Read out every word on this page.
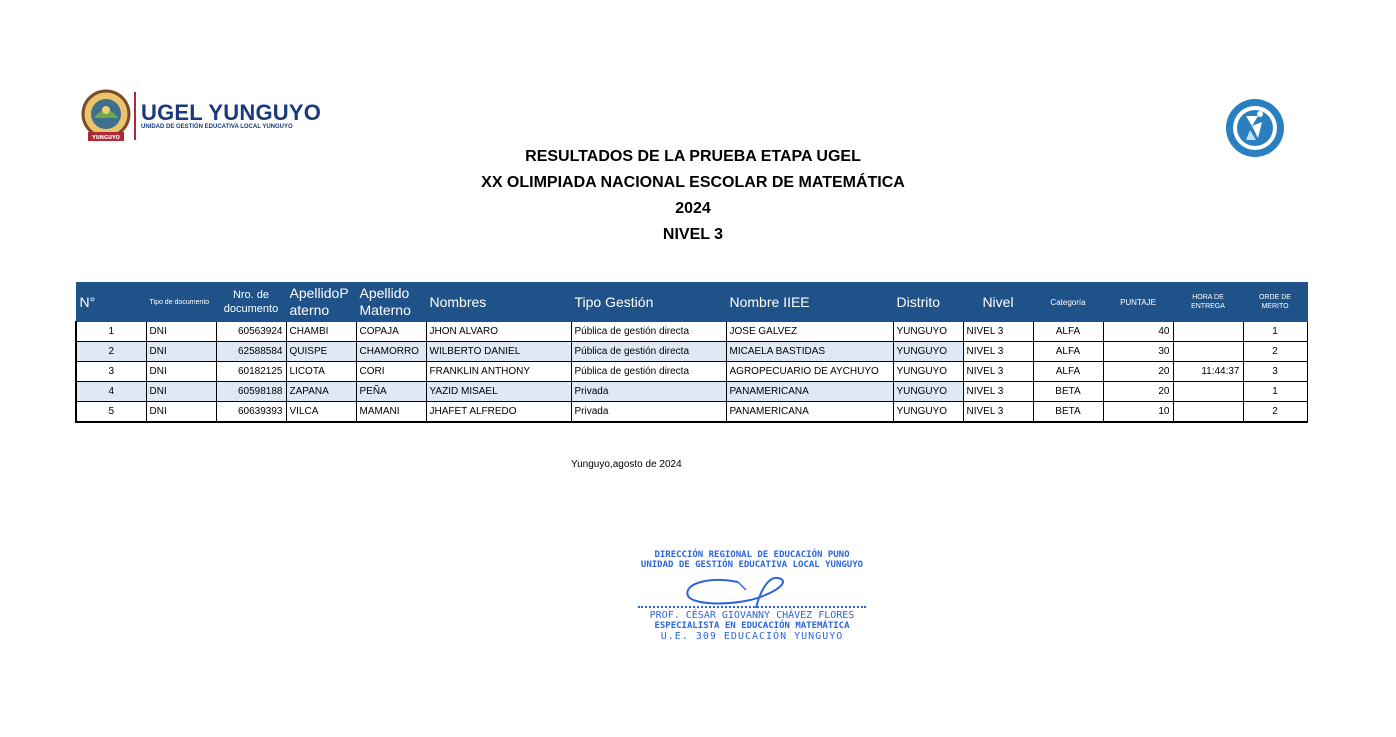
YUNGUYO
UGEL YUNGUYO
UNIDAD DE GESTIÓN EDUCATIVA LOCAL YUNGUYO
RESULTADOS DE LA PRUEBA ETAPA UGEL
XX OLIMPIADA NACIONAL ESCOLAR DE MATEMÁTICA
2024
NIVEL 3
N°	Tipo de documento	Nro. de documento	ApellidoP aterno	Apellido Materno	Nombres	Tipo Gestión	Nombre IIEE	Distrito	Nivel	Categoría	PUNTAJE	HORA DE ENTREGA	ORDE DE MERITO
1	DNI	60563924	CHAMBI	COPAJA	JHON ALVARO	Pública de gestión directa	JOSE GALVEZ	YUNGUYO	NIVEL 3	ALFA	40		1
2	DNI	62588584	QUISPE	CHAMORRO	WILBERTO DANIEL	Pública de gestión directa	MICAELA BASTIDAS	YUNGUYO	NIVEL 3	ALFA	30		2
3	DNI	60182125	LICOTA	CORI	FRANKLIN ANTHONY	Pública de gestión directa	AGROPECUARIO DE AYCHUYO	YUNGUYO	NIVEL 3	ALFA	20	11:44:37	3
4	DNI	60598188	ZAPANA	PEÑA	YAZID MISAEL	Privada	PANAMERICANA	YUNGUYO	NIVEL 3	BETA	20		1
5	DNI	60639393	VILCA	MAMANI	JHAFET ALFREDO	Privada	PANAMERICANA	YUNGUYO	NIVEL 3	BETA	10		2
Yunguyo,agosto de 2024
DIRECCIÓN REGIONAL DE EDUCACIÓN PUNO
UNIDAD DE GESTIÓN EDUCATIVA LOCAL YUNGUYO
PROF. CÉSAR GIOVANNY CHÁVEZ FLORES
ESPECIALISTA EN EDUCACIÓN MATEMÁTICA
U.E. 309 EDUCACIÓN YUNGUYO
